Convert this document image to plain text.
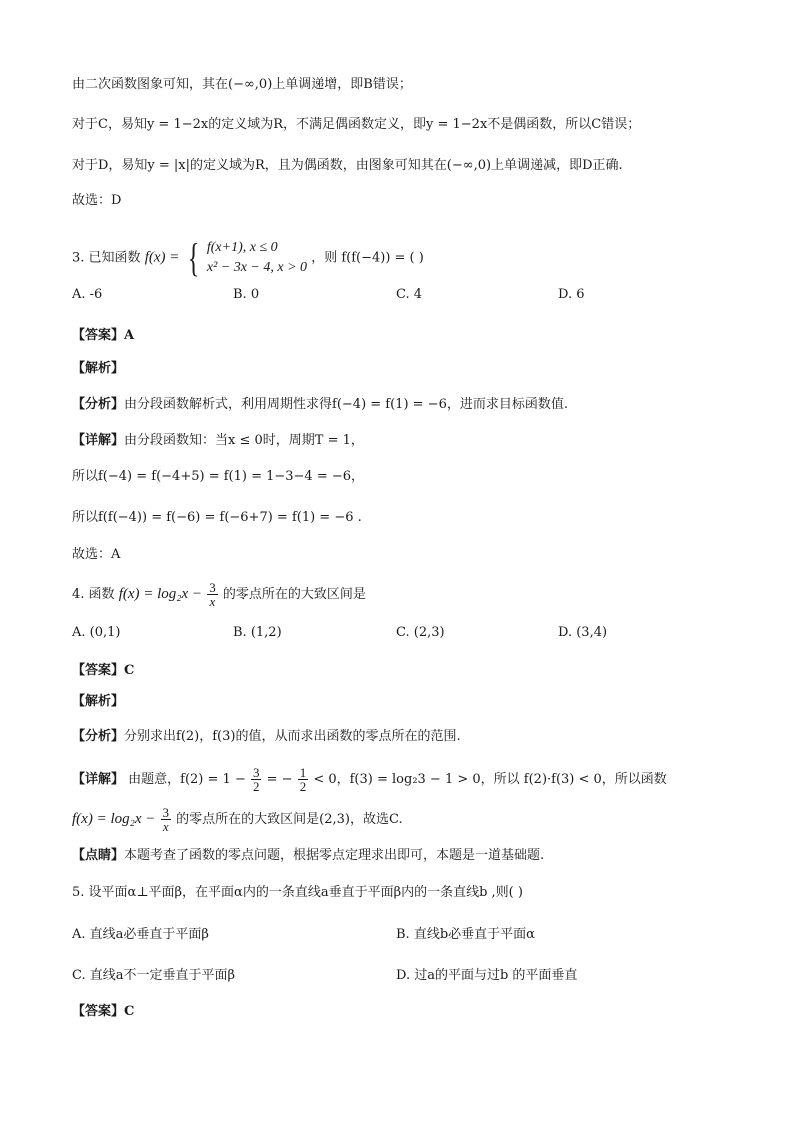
由二次函数图象可知，其在(−∞,0)上单调递增，即B错误；
对于C，易知y = 1−2x的定义域为R，不满足偶函数定义，即y = 1−2x不是偶函数，所以C错误；
对于D，易知y = |x|的定义域为R，且为偶函数，由图象可知其在(−∞,0)上单调递减，即D正确.
故选：D
3. 已知函数 f(x) = { f(x+1), x ≤ 0
x² − 3x − 4, x > 0
，则 f(f(−4)) = ( )
A. -6	B. 0	C. 4	D. 6
【答案】A
【解析】
【分析】由分段函数解析式，利用周期性求得f(−4) = f(1) = −6，进而求目标函数值.
【详解】由分段函数知：当x ≤ 0时，周期T = 1，
所以f(−4) = f(−4+5) = f(1) = 1−3−4 = −6，
所以f(f(−4)) = f(−6) = f(−6+7) = f(1) = −6 .
故选：A
4. 函数 $f(x) = \log_2x - \frac{3}{x}$ 的零点所在的大致区间是
A. (0,1)	B. (1,2)	C. (2,3)	D. (3,4)
【答案】C
【解析】
【分析】分别求出f(2)，f(3)的值，从而求出函数的零点所在的范围.
【详解】 由题意，$f(2) = 1 - \frac{3}{2}$ = − $\frac{1}{2} < 0$，f(3) = log₂3 − 1 > 0，所以 f(2)·f(3) < 0，所以函数
$f(x) = \log_2x - \frac{3}{x}$ 的零点所在的大致区间是(2,3)，故选C.
【点睛】本题考查了函数的零点问题，根据零点定理求出即可，本题是一道基础题.
5. 设平面α⊥平面β，在平面α内的一条直线a垂直于平面β内的一条直线b ,则( )
A. 直线a必垂直于平面β	B. 直线b必垂直于平面α
C. 直线a不一定垂直于平面β	D. 过a的平面与过b 的平面垂直
【答案】C
